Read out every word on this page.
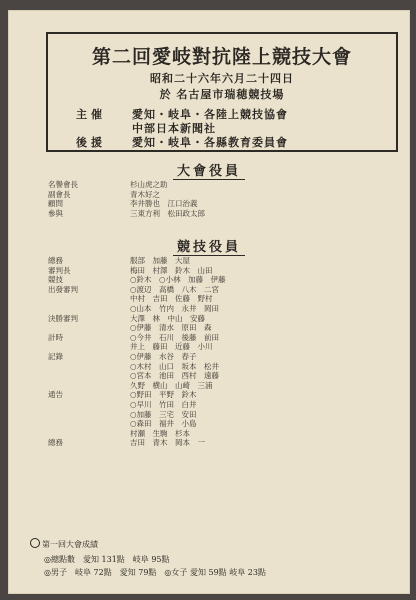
第二回愛岐對抗陸上競技大會
昭和二十六年六月二十四日
於 名古屋市瑞穂競技場
主催	愛知・岐阜・各陸上競技協會
中部日本新聞社
後援	愛知・岐阜・各縣教育委員會
大會役員
名譽會長	杉山虎之助
副會長	青木好之
顧問	李井勝也　江口治義
參與	三東方利　松田政太郎
競技役員
總務	服部　加藤　大屋
審判長	梅田　村澤　鈴木　山田
競技	○鈴木　○小林　加藤　伊藤
出發審判	○渡辺　高橋　八木　二宮
中村　吉田　佐藤　野村
○山本　竹内　永井　岡田
決勝審判	大澤　林　中山　安藤
○伊藤　清水　原田　森
計時	○今井　石川　後藤　前田
井上　藤田　近藤　小川
記錄	○伊藤　水谷　春子
○木村　山口　坂本　松井
○宮本　池田　西村　遠藤
久野　横山　山崎　三浦
通告	○野田　平野　鈴木
○早川　竹田　白井
○加藤　三宅　安田
○森田　福井　小島
村瀬　生駒　杉本
總務	吉田　青木　岡本　一
第一回大會成績
◎總點數　愛知 131點　岐阜 95點
◎男子　岐阜 72點　愛知 79點　◎女子 愛知 59點 岐阜 23點
